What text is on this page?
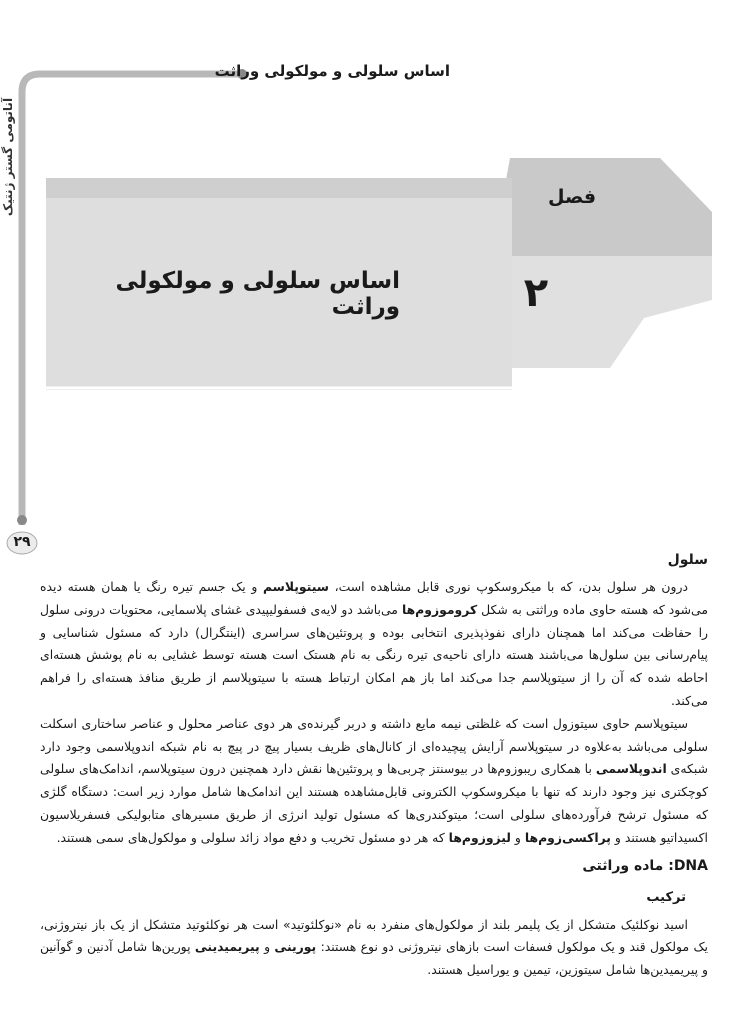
اساس سلولی و مولکولی وراثت
آناتومی گستر ژنتیک
۲۹
فصل
۲
اساس سلولی و مولکولی وراثت
سلول

درون هر سلول بدن، که با میکروسکوپ نوری قابل مشاهده است، سیتوپلاسم و یک جسم تیره رنگ یا همان هسته دیده می‌شود که هسته حاوی ماده وراثتی به شکل کروموزوم‌ها می‌باشد دو لایه‌ی فسفولیپیدی غشای پلاسمایی، محتویات درونی سلول را حفاظت می‌کند اما همچنان دارای نفوذپذیری انتخابی بوده و پروتئین‌های سراسری (اینتگرال) دارد که مسئول شناسایی و پیام‌رسانی بین سلول‌ها می‌باشند هسته دارای ناحیه‌ی تیره رنگی به نام هستک است هسته توسط غشایی به نام پوشش هسته‌ای احاطه شده که آن را از سیتوپلاسم جدا می‌کند اما باز هم امکان ارتباط هسته با سیتوپلاسم از طریق منافذ هسته‌ای را فراهم می‌کند.

سیتوپلاسم حاوی سیتوزول است که غلظتی نیمه مایع داشته و دربر گیرنده‌ی هر دوی عناصر محلول و عناصر ساختاری اسکلت سلولی می‌باشد به‌علاوه در سیتوپلاسم آرایش پیچیده‌ای از کانال‌های ظریف بسیار پیچ در پیچ به نام شبکه اندوپلاسمی وجود دارد شبکه‌ی اندوپلاسمی با همکاری ریبوزوم‌ها در بیوسنتز چربی‌ها و پروتئین‌ها نقش دارد همچنین درون سیتوپلاسم، اندامک‌های سلولی کوچکتری نیز وجود دارند که تنها با میکروسکوپ الکترونی قابل‌مشاهده هستند این اندامک‌ها شامل موارد زیر است: دستگاه گلژی که مسئول ترشح فرآورده‌های سلولی است؛ میتوکندری‌ها که مسئول تولید انرژی از طریق مسیرهای متابولیکی فسفریلاسیون اکسیداتیو هستند و پراکسی‌زوم‌ها و لیزوزوم‌ها که هر دو مسئول تخریب و دفع مواد زائد سلولی و مولکول‌های سمی هستند.

DNA: ماده وراثتی
ترکیب

اسید نوکلئیک متشکل از یک پلیمر بلند از مولکول‌های منفرد به نام «نوکلئوتید» است هر نوکلئوتید متشکل از یک باز نیتروژنی، یک مولکول قند و یک مولکول فسفات است بازهای نیتروژنی دو نوع هستند: پورینی و پیریمیدینی پورین‌ها شامل آدنین و گوآنین و پیریمیدین‌ها شامل سیتوزین، تیمین و یوراسیل هستند.
